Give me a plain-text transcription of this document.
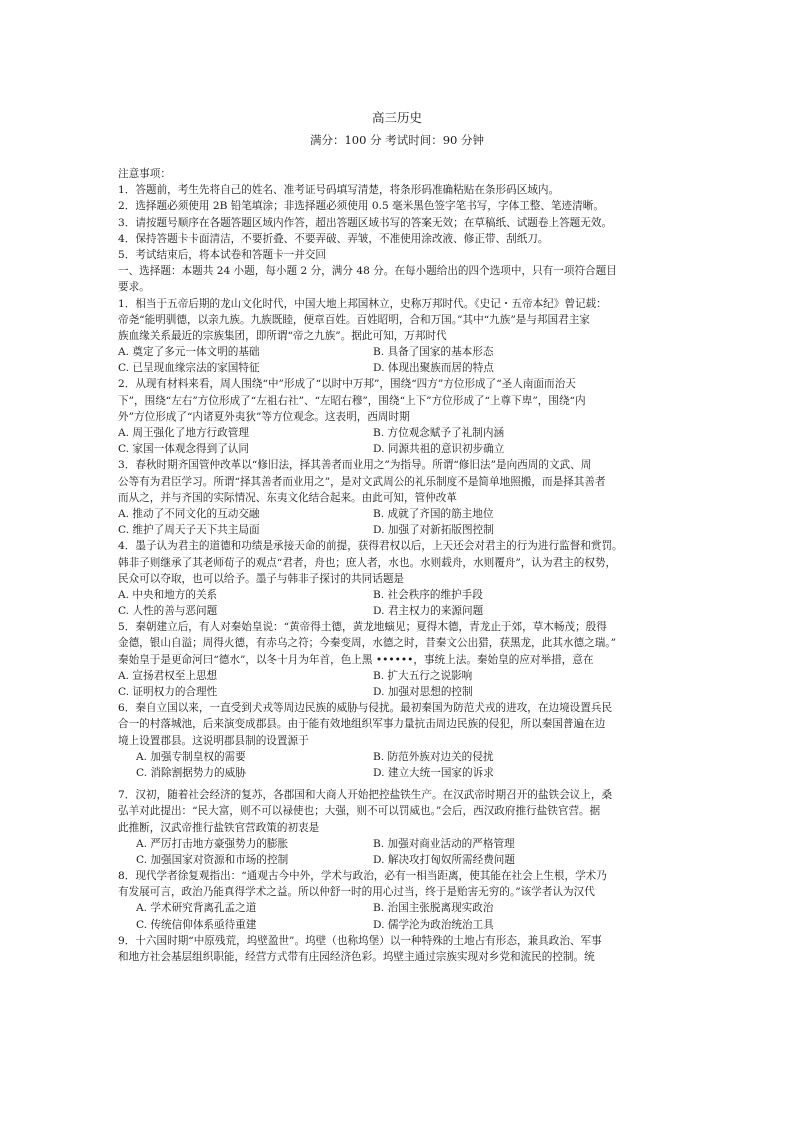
高三历史
满分：100 分 考试时间：90 分钟
注意事项：
1．答题前，考生先将自己的姓名、准考证号码填写清楚，将条形码准确粘贴在条形码区域内。
2．选择题必须使用 2B 铅笔填涂；非选择题必须使用 0.5 毫米黑色签字笔书写，字体工整、笔迹清晰。
3．请按题号顺序在各题答题区域内作答，超出答题区域书写的答案无效；在草稿纸、试题卷上答题无效。
4．保持答题卡卡面清洁，不要折叠、不要弄破、弄皱，不准使用涂改液、修正带、刮纸刀。
5．考试结束后，将本试卷和答题卡一并交回
一、选择题：本题共 24 小题，每小题 2 分，满分 48 分。在每小题给出的四个选项中，只有一项符合题目
要求。
1．相当于五帝后期的龙山文化时代，中国大地上邦国林立，史称万邦时代。《史记・五帝本纪》曾记载：
帝尧“能明驯德，以亲九族。九族既睦，便章百姓。百姓昭明，合和万国。”其中“九族”是与邦国君主家
族血缘关系最近的宗族集团，即所谓“帝之九族”。据此可知，万邦时代
A. 奠定了多元一体文明的基础	B. 具备了国家的基本形态
C. 已呈现血缘宗法的家国特征	D. 体现出聚族而居的特点
2．从现有材料来看，周人围绕“中”形成了“以时中万邦”，围绕“四方”方位形成了“圣人南面而治天
下”，围绕“左右”方位形成了“左祖右社”、“左昭右穆”，围绕“上下”方位形成了“上尊下卑”，围绕“内
外”方位形成了“内诸夏外夷狄”等方位观念。这表明，西周时期
A. 周王强化了地方行政管理	B. 方位观念赋予了礼制内涵
C. 家国一体观念得到了认同	D. 同源共祖的意识初步确立
3．春秋时期齐国管仲改革以“修旧法，择其善者而业用之”为指导。所谓“修旧法”是向西周的文武、周
公等有为君臣学习。所谓“择其善者而业用之”，是对文武周公的礼乐制度不是简单地照搬，而是择其善者
而从之，并与齐国的实际情况、东夷文化结合起来。由此可知，管仲改革
A. 推动了不同文化的互动交融	B. 成就了齐国的筋主地位
C. 维护了周天子天下共主局面	D. 加强了对新拓版图控制
4．墨子认为君主的道德和功绩是承接天命的前提，获得君权以后，上天还会对君主的行为进行监督和赏罚。
韩非子则继承了其老师荀子的观点“君者，舟也；庶人者，水也。水则载舟，水则覆舟”，认为君主的权势，
民众可以夺取，也可以给予。墨子与韩非子探讨的共同话题是
A. 中央和地方的关系	B. 社会秩序的维护手段
C. 人性的善与恶问题	D. 君主权力的来源问题
5．秦朝建立后，有人对秦始皇说：“黄帝得土德，黄龙地螾见；夏得木德，青龙止于郊，草木畅茂；殷得
金德，银山自溢；周得火德，有赤乌之符；今秦变周，水德之时，昔秦文公出猎，获黑龙，此其水德之瑞。”
秦始皇于是更命河曰“德水”，以冬十月为年首，色上黑 ••••••，事统上法。秦始皇的应对举措，意在
A. 宣扬君权至上思想	B. 扩大五行之说影响
C. 证明权力的合理性	D. 加强对思想的控制
6．秦自立国以来，一直受到犬戎等周边民族的威胁与侵扰。最初秦国为防范犬戎的进攻，在边境设置兵民
合一的村落城池，后来演变成郡县。由于能有效地组织军事力量抗击周边民族的侵犯，所以秦国普遍在边
境上设置郡县。这说明郡县制的设置源于
A. 加强专制皇权的需要	B. 防范外族对边关的侵扰
C. 消除割据势力的威胁	D. 建立大统一国家的诉求
7．汉初，随着社会经济的复苏，各郡国和大商人开始把控盐铁生产。在汉武帝时期召开的盐铁会议上，桑
弘羊对此提出：“民大富，则不可以禄使也；大强，则不可以罚威也。”会后，西汉政府推行盐铁官营。据
此推断，汉武帝推行盐铁官营政策的初衷是
A. 严厉打击地方豪强势力的膨胀	B. 加强对商业活动的严格管理
C. 加强国家对资源和市场的控制	D. 解决攻打匈奴所需经费问题
8．现代学者徐复观指出：“通观古今中外，学术与政治，必有一相当距离，使其能在社会上生根，学术乃
有发展可言，政治乃能真得学术之益。所以仲舒一时的用心过当，终于是贻害无穷的。”该学者认为汉代
A. 学术研究背离孔孟之道	B. 治国主张脱离现实政治
C. 传统信仰体系亟待重建	D. 儒学沦为政治统治工具
9．十六国时期“中原残荒，坞壁盈世”。坞壁（也称坞堡）以一种特殊的土地占有形态，兼具政治、军事
和地方社会基层组织职能，经营方式带有庄园经济色彩。坞壁主通过宗族实现对乡党和流民的控制。统
